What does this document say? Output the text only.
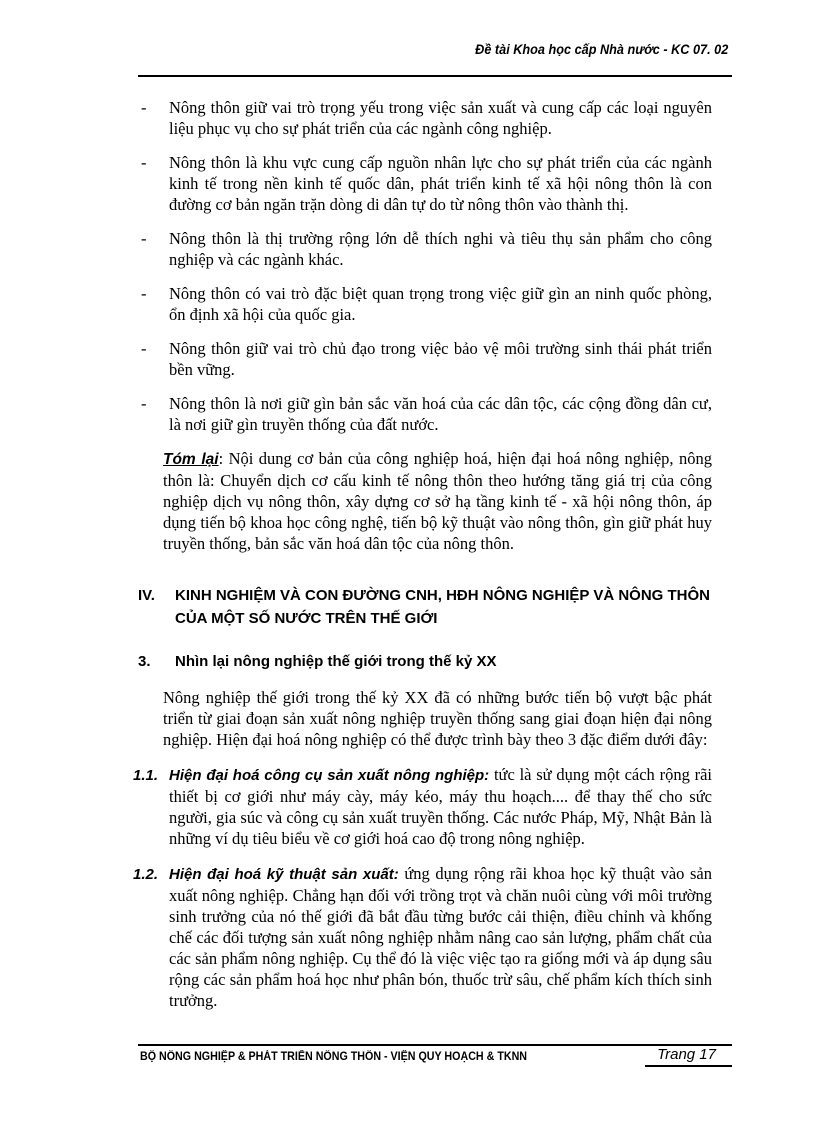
Đề tài Khoa học cấp Nhà nước - KC 07. 02
- Nông thôn giữ vai trò trọng yếu trong việc sản xuất và cung cấp các loại nguyên liệu phục vụ cho sự phát triển của các ngành công nghiệp.
- Nông thôn là khu vực cung cấp nguồn nhân lực cho sự phát triển của các ngành kinh tế trong nền kinh tế quốc dân, phát triển kinh tế xã hội nông thôn là con đường cơ bản ngăn trặn dòng di dân tự do từ nông thôn vào thành thị.
- Nông thôn là thị trường rộng lớn dễ thích nghi và tiêu thụ sản phẩm cho công nghiệp và các ngành khác.
- Nông thôn có vai trò đặc biệt quan trọng trong việc giữ gìn an ninh quốc phòng, ổn định xã hội của quốc gia.
- Nông thôn giữ vai trò chủ đạo trong việc bảo vệ môi trường sinh thái phát triển bền vững.
- Nông thôn là nơi giữ gìn bản sắc văn hoá của các dân tộc, các cộng đồng dân cư, là nơi giữ gìn truyền thống của đất nước.
Tóm lại: Nội dung cơ bản của công nghiệp hoá, hiện đại hoá nông nghiệp, nông thôn là: Chuyển dịch cơ cấu kinh tế nông thôn theo hướng tăng giá trị của công nghiệp dịch vụ nông thôn, xây dựng cơ sở hạ tầng kinh tế - xã hội nông thôn, áp dụng tiến bộ khoa học công nghệ, tiến bộ kỹ thuật vào nông thôn, gìn giữ phát huy truyền thống, bản sắc văn hoá dân tộc của nông thôn.
IV. KINH NGHIỆM VÀ CON ĐƯỜNG CNH, HĐH NÔNG NGHIỆP VÀ NÔNG THÔN CỦA MỘT SỐ NƯỚC TRÊN THẾ GIỚI
3. Nhìn lại nông nghiệp thế giới trong thế kỷ XX
Nông nghiệp thế giới trong thế kỷ XX đã có những bước tiến bộ vượt bậc phát triển từ giai đoạn sản xuất nông nghiệp truyền thống sang giai đoạn hiện đại nông nghiệp. Hiện đại hoá nông nghiệp có thể được trình bày theo 3 đặc điểm dưới đây:
1.1. Hiện đại hoá công cụ sản xuất nông nghiệp: tức là sử dụng một cách rộng rãi thiết bị cơ giới như máy cày, máy kéo, máy thu hoạch.... để thay thế cho sức người, gia súc và công cụ sản xuất truyền thống. Các nước Pháp, Mỹ, Nhật Bản là những ví dụ tiêu biểu về cơ giới hoá cao độ trong nông nghiệp.
1.2. Hiện đại hoá kỹ thuật sản xuất: ứng dụng rộng rãi khoa học kỹ thuật vào sản xuất nông nghiệp. Chẳng hạn đối với trồng trọt và chăn nuôi cùng với môi trường sinh trưởng của nó thế giới đã bắt đầu từng bước cải thiện, điều chỉnh và khống chế các đối tượng sản xuất nông nghiệp nhằm nâng cao sản lượng, phẩm chất của các sản phẩm nông nghiệp. Cụ thể đó là việc việc tạo ra giống mới và áp dụng sâu rộng các sản phẩm hoá học như phân bón, thuốc trừ sâu, chế phẩm kích thích sinh trưởng.
BỘ NÔNG NGHIỆP & PHÁT TRIỂN NÔNG THÔN - VIỆN QUY HOẠCH & TKNN	Trang 17
